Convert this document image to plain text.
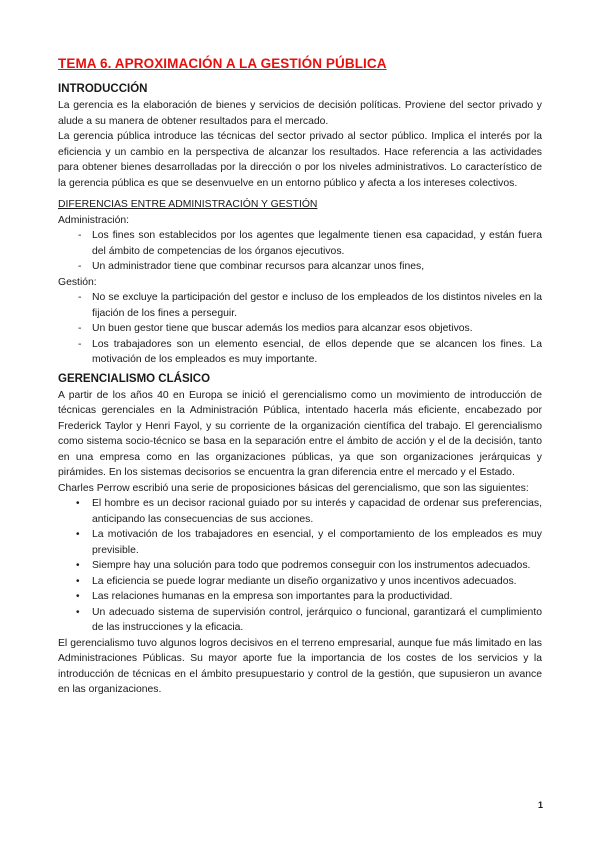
TEMA 6. APROXIMACIÓN A LA GESTIÓN PÚBLICA
INTRODUCCIÓN

La gerencia es la elaboración de bienes y servicios de decisión políticas. Proviene del sector privado y alude a su manera de obtener resultados para el mercado.

La gerencia pública introduce las técnicas del sector privado al sector público. Implica el interés por la eficiencia y un cambio en la perspectiva de alcanzar los resultados. Hace referencia a las actividades para obtener bienes desarrolladas por la dirección o por los niveles administrativos. Lo característico de la gerencia pública es que se desenvuelve en un entorno público y afecta a los intereses colectivos.

DIFERENCIAS ENTRE ADMINISTRACIÓN Y GESTIÓN
Administración:
- Los fines son establecidos por los agentes que legalmente tienen esa capacidad, y están fuera del ámbito de competencias de los órganos ejecutivos.
- Un administrador tiene que combinar recursos para alcanzar unos fines,
Gestión:
- No se excluye la participación del gestor e incluso de los empleados de los distintos niveles en la fijación de los fines a perseguir.
- Un buen gestor tiene que buscar además los medios para alcanzar esos objetivos.
- Los trabajadores son un elemento esencial, de ellos depende que se alcancen los fines. La motivación de los empleados es muy importante.
GERENCIALISMO CLÁSICO

A partir de los años 40 en Europa se inició el gerencialismo como un movimiento de introducción de técnicas gerenciales en la Administración Pública, intentado hacerla más eficiente, encabezado por Frederick Taylor y Henri Fayol, y su corriente de la organización científica del trabajo. El gerencialismo como sistema socio-técnico se basa en la separación entre el ámbito de acción y el de la decisión, tanto en una empresa como en las organizaciones públicas, ya que son organizaciones jerárquicas y pirámides. En los sistemas decisorios se encuentra la gran diferencia entre el mercado y el Estado.

Charles Perrow escribió una serie de proposiciones básicas del gerencialismo, que son las siguientes:

• El hombre es un decisor racional guiado por su interés y capacidad de ordenar sus preferencias, anticipando las consecuencias de sus acciones.
• La motivación de los trabajadores en esencial, y el comportamiento de los empleados es muy previsible.
• Siempre hay una solución para todo que podremos conseguir con los instrumentos adecuados.
• La eficiencia se puede lograr mediante un diseño organizativo y unos incentivos adecuados.
• Las relaciones humanas en la empresa son importantes para la productividad.
• Un adecuado sistema de supervisión control, jerárquico o funcional, garantizará el cumplimiento de las instrucciones y la eficacia.

El gerencialismo tuvo algunos logros decisivos en el terreno empresarial, aunque fue más limitado en las Administraciones Públicas. Su mayor aporte fue la importancia de los costes de los servicios y la introducción de técnicas en el ámbito presupuestario y control de la gestión, que supusieron un avance en las organizaciones.

1
